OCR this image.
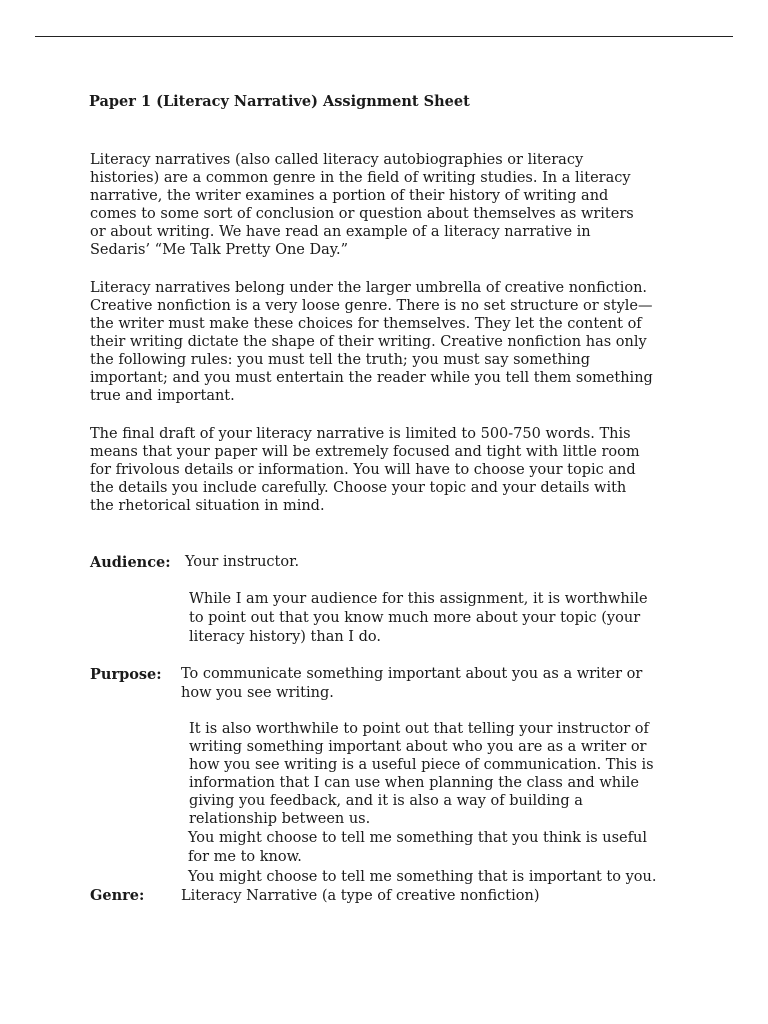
Paper 1 (Literacy Narrative) Assignment Sheet

Literacy narratives (also called literacy autobiographies or literacy
histories) are a common genre in the field of writing studies. In a literacy
narrative, the writer examines a portion of their history of writing and
comes to some sort of conclusion or question about themselves as writers
or about writing. We have read an example of a literacy narrative in
Sedaris’ “Me Talk Pretty One Day.”

Literacy narratives belong under the larger umbrella of creative nonfiction.
Creative nonfiction is a very loose genre. There is no set structure or style—
the writer must make these choices for themselves. They let the content of
their writing dictate the shape of their writing. Creative nonfiction has only
the following rules: you must tell the truth; you must say something
important; and you must entertain the reader while you tell them something
true and important.

The final draft of your literacy narrative is limited to 500-750 words. This
means that your paper will be extremely focused and tight with little room
for frivolous details or information. You will have to choose your topic and
the details you include carefully. Choose your topic and your details with
the rhetorical situation in mind.

Audience: Your instructor.

While I am your audience for this assignment, it is worthwhile
to point out that you know much more about your topic (your
literacy history) than I do.

Purpose: To communicate something important about you as a writer or
how you see writing.

It is also worthwhile to point out that telling your instructor of
writing something important about who you are as a writer or
how you see writing is a useful piece of communication. This is
information that I can use when planning the class and while
giving you feedback, and it is also a way of building a
relationship between us.

You might choose to tell me something that you think is useful
for me to know.

You might choose to tell me something that is important to you.

Genre:	Literacy Narrative (a type of creative nonfiction)
